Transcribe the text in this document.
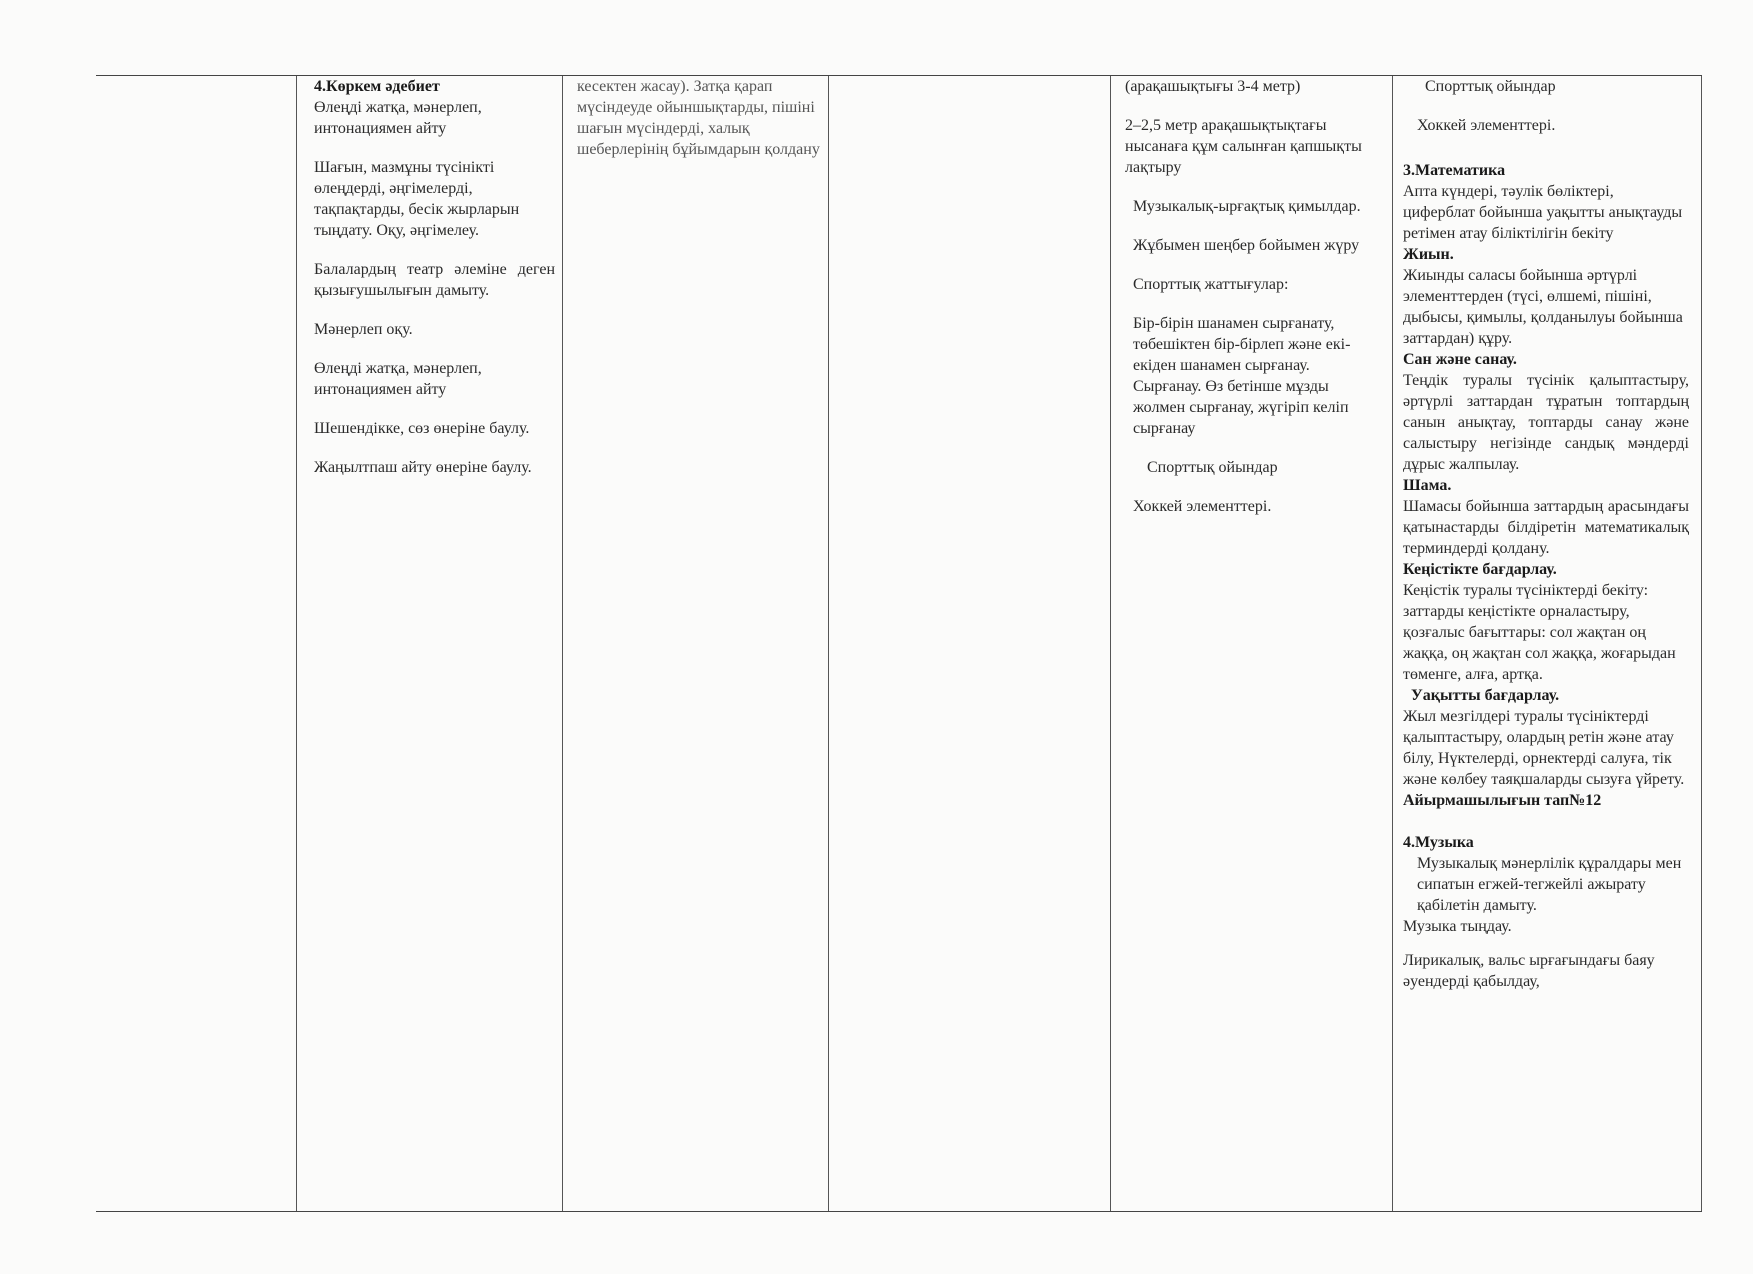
4.Көркем әдебиет

Өлеңді жатқа, мәнерлеп, интонациямен айту

Шағын, мазмұны түсінікті өлеңдерді, әңгімелерді, тақпақтарды, бесік жырларын тыңдату. Оқу, әңгімелеу.

Балалардың театр әлеміне деген қызығушылығын дамыту.

Мәнерлеп оқу.

Өлеңді жатқа, мәнерлеп, интонациямен айту

Шешендікке, сөз өнеріне баулу.

Жаңылтпаш айту өнеріне баулу.

кесектен жасау). Затқа қарап мүсіндеуде ойыншықтарды, пішіні шағын мүсіндерді, халық шеберлерінің бұйымдарын қолдану

(арақашықтығы 3-4 метр)

2–2,5 метр арақашықтықтағы нысанаға құм салынған қапшықты лақтыру

Музыкалық-ырғақтық қимылдар.

Жұбымен шеңбер бойымен жүру

Спорттық жаттығулар:

Бір-бірін шанамен сырғанату, төбешіктен бір-бірлеп және екі-екіден шанамен сырғанау. Сырғанау. Өз бетінше мұзды жолмен сырғанау, жүгіріп келіп сырғанау

Спорттық ойындар

Хоккей элементтері.

Спорттық ойындар

Хоккей элементтері.

3.Математика

Апта күндері, тәулік бөліктері, циферблат бойынша уақытты анықтауды ретімен атау біліктілігін бекіту

Жиын.

Жиынды саласы бойынша әртүрлі элементтерден (түсі, өлшемі, пішіні, дыбысы, қимылы, қолданылуы бойынша заттардан) құру.

Сан және санау.

Теңдік туралы түсінік қалыптастыру, әртүрлі заттардан тұратын топтардың санын анықтау, топтарды санау және салыстыру негізінде сандық мәндерді дұрыс жалпылау.

Шама.

Шамасы бойынша заттардың арасындағы қатынастарды білдіретін математикалық терминдерді қолдану.

Кеңістікте бағдарлау.

Кеңістік туралы түсініктерді бекіту: заттарды кеңістікте орналастыру, қозғалыс бағыттары: сол жақтан оң жаққа, оң жақтан сол жаққа, жоғарыдан төменге, алға, артқа.

Уақытты бағдарлау.

Жыл мезгілдері туралы түсініктерді қалыптастыру, олардың ретін және атау білу, Нүктелерді, орнектерді салуға, тік және көлбеу таяқшаларды сызуға үйрету.

Айырмашылығын тап№12

4.Музыка

Музыкалық мәнерлілік құралдары мен сипатын егжей-тегжейлі ажырату қабілетін дамыту.

Музыка тыңдау.

Лирикалық, вальс ырғағындағы баяу әуендерді қабылдау,
